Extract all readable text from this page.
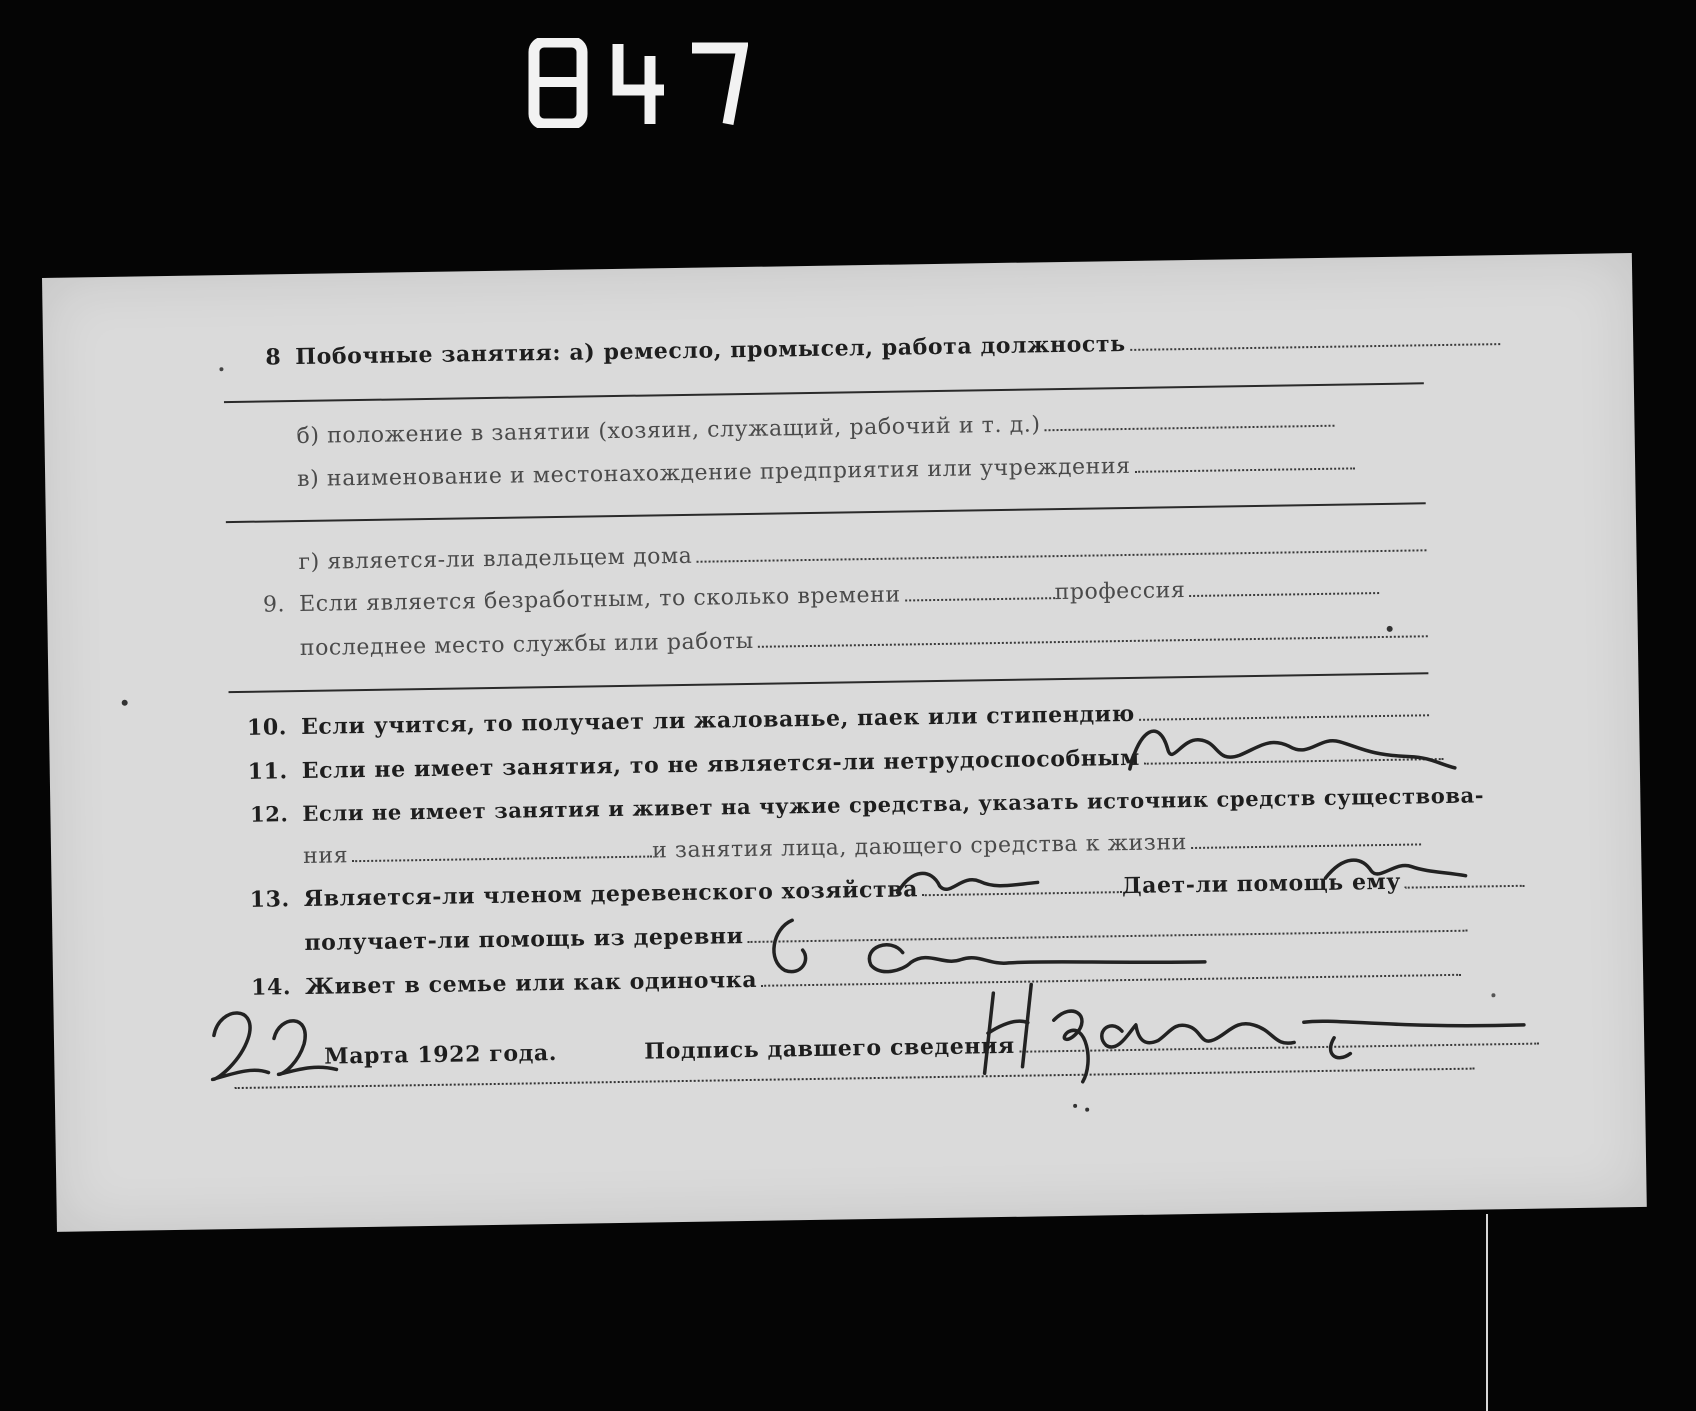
8 Побочные занятия: а) ремесло, промысел, работа должность
б) положение в занятии (хозяин, служащий, рабочий и т. д.)
в) наименование и местонахождение предприятия или учреждения
г) является-ли владельцем дома
9. Если является безработным, то сколько времени	профессия
последнее место службы или работы
10. Если учится, то получает ли жалованье, паек или стипендию
11. Если не имеет занятия, то не является-ли нетрудоспособным
12. Если не имеет занятия и живет на чужие средства, указать источник средств существова-
ния	и занятия лица, дающего средства к жизни
13. Является-ли членом деревенского хозяйства	Дает-ли помощь ему
получает-ли помощь из деревни
14. Живет в семье или как одиночка
Марта 1922 года.	Подпись давшего сведения
